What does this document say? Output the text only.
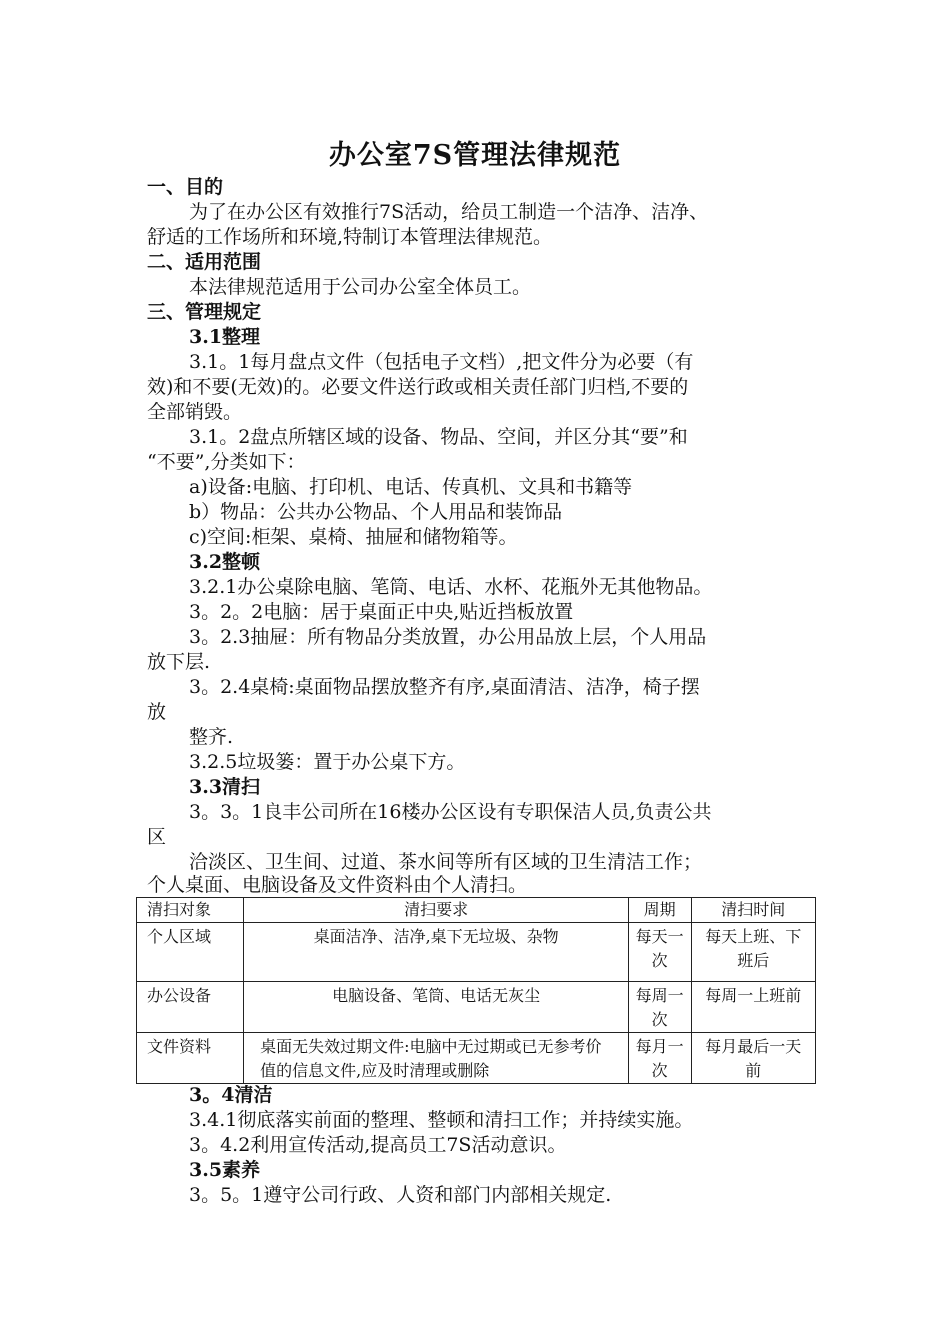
办公室7S管理法律规范
一、目的
为了在办公区有效推行7S活动，给员工制造一个洁净、洁净、
舒适的工作场所和环境,特制订本管理法律规范。
二、适用范围
本法律规范适用于公司办公室全体员工。
三、管理规定
3.1整理
3.1。1每月盘点文件（包括电子文档）,把文件分为必要（有
效)和不要(无效)的。必要文件送行政或相关责任部门归档,不要的
全部销毁。
3.1。2盘点所辖区域的设备、物品、空间，并区分其“要”和
“不要”,分类如下：
a)设备:电脑、打印机、电话、传真机、文具和书籍等
b）物品：公共办公物品、个人用品和装饰品
c)空间:柜架、桌椅、抽屉和储物箱等。
3.2整顿
3.2.1办公桌除电脑、笔筒、电话、水杯、花瓶外无其他物品。
3。2。2电脑：居于桌面正中央,贴近挡板放置
3。2.3抽屉：所有物品分类放置，办公用品放上层，个人用品
放下层.
3。2.4桌椅:桌面物品摆放整齐有序,桌面清洁、洁净，椅子摆
放
整齐.
3.2.5垃圾篓：置于办公桌下方。
3.3清扫
3。3。1良丰公司所在16楼办公区设有专职保洁人员,负责公共
区
洽淡区、卫生间、过道、茶水间等所有区域的卫生清洁工作；
个人桌面、电脑设备及文件资料由个人清扫。
清扫对象	清扫要求	周期	清扫时间

个人区域	桌面洁净、洁净,桌下无垃圾、杂物	每天一次	每天上班、下班后

办公设备	电脑设备、笔筒、电话无灰尘	每周一次	每周一上班前

文件资料	桌面无失效过期文件:电脑中无过期或已无参考价值的信息文件,应及时清理或删除	每月一次	每月最后一天前
3。4清洁
3.4.1彻底落实前面的整理、整顿和清扫工作；并持续实施。
3。4.2利用宣传活动,提高员工7S活动意识。
3.5素养
3。5。1遵守公司行政、人资和部门内部相关规定.
